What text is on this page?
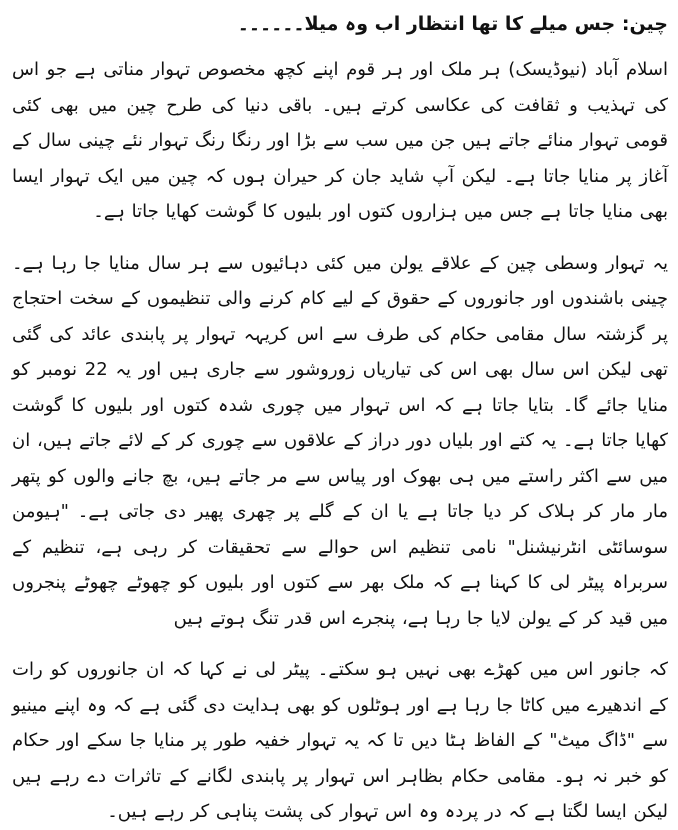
چین: جس میلے کا تھا انتظار اب وہ میلا۔۔۔۔۔۔

اسلام آباد (نیوڈیسک) ہر ملک اور ہر قوم اپنے کچھ مخصوص تہوار مناتی ہے جو اس کی تہذیب و ثقافت کی عکاسی کرتے ہیں۔ باقی دنیا کی طرح چین میں بھی کئی قومی تہوار منائے جاتے ہیں جن میں سب سے بڑا اور رنگا رنگ تہوار نئے چینی سال کے آغاز پر منایا جاتا ہے۔ لیکن آپ شاید جان کر حیران ہوں کہ چین میں ایک تہوار ایسا بھی منایا جاتا ہے جس میں ہزاروں کتوں اور بلیوں کا گوشت کھایا جاتا ہے۔

یہ تہوار وسطی چین کے علاقے یولن میں کئی دہائیوں سے ہر سال منایا جا رہا ہے۔ چینی باشندوں اور جانوروں کے حقوق کے لیے کام کرنے والی تنظیموں کے سخت احتجاج پر گزشتہ سال مقامی حکام کی طرف سے اس کریہہ تہوار پر پابندی عائد کی گئی تھی لیکن اس سال بھی اس کی تیاریاں زوروشور سے جاری ہیں اور یہ 22 نومبر کو منایا جائے گا۔ بتایا جاتا ہے کہ اس تہوار میں چوری شدہ کتوں اور بلیوں کا گوشت کھایا جاتا ہے۔ یہ کتے اور بلیاں دور دراز کے علاقوں سے چوری کر کے لائے جاتے ہیں، ان میں سے اکثر راستے میں ہی بھوک اور پیاس سے مر جاتے ہیں، بچ جانے والوں کو پتھر مار مار کر ہلاک کر دیا جاتا ہے یا ان کے گلے پر چھری پھیر دی جاتی ہے۔ "ہیومن سوسائٹی انٹرنیشنل" نامی تنظیم اس حوالے سے تحقیقات کر رہی ہے، تنظیم کے سربراہ پیٹر لی کا کہنا ہے کہ ملک بھر سے کتوں اور بلیوں کو چھوٹے چھوٹے پنجروں میں قید کر کے یولن لایا جا رہا ہے، پنجرے اس قدر تنگ ہوتے ہیں

کہ جانور اس میں کھڑے بھی نہیں ہو سکتے۔ پیٹر لی نے کہا کہ ان جانوروں کو رات کے اندھیرے میں کاٹا جا رہا ہے اور ہوٹلوں کو بھی ہدایت دی گئی ہے کہ وہ اپنے مینیو سے "ڈاگ میٹ" کے الفاظ ہٹا دیں تا کہ یہ تہوار خفیہ طور پر منایا جا سکے اور حکام کو خبر نہ ہو۔ مقامی حکام بظاہر اس تہوار پر پابندی لگانے کے تاثرات دے رہے ہیں لیکن ایسا لگتا ہے کہ در پردہ وہ اس تہوار کی پشت پناہی کر رہے ہیں۔
